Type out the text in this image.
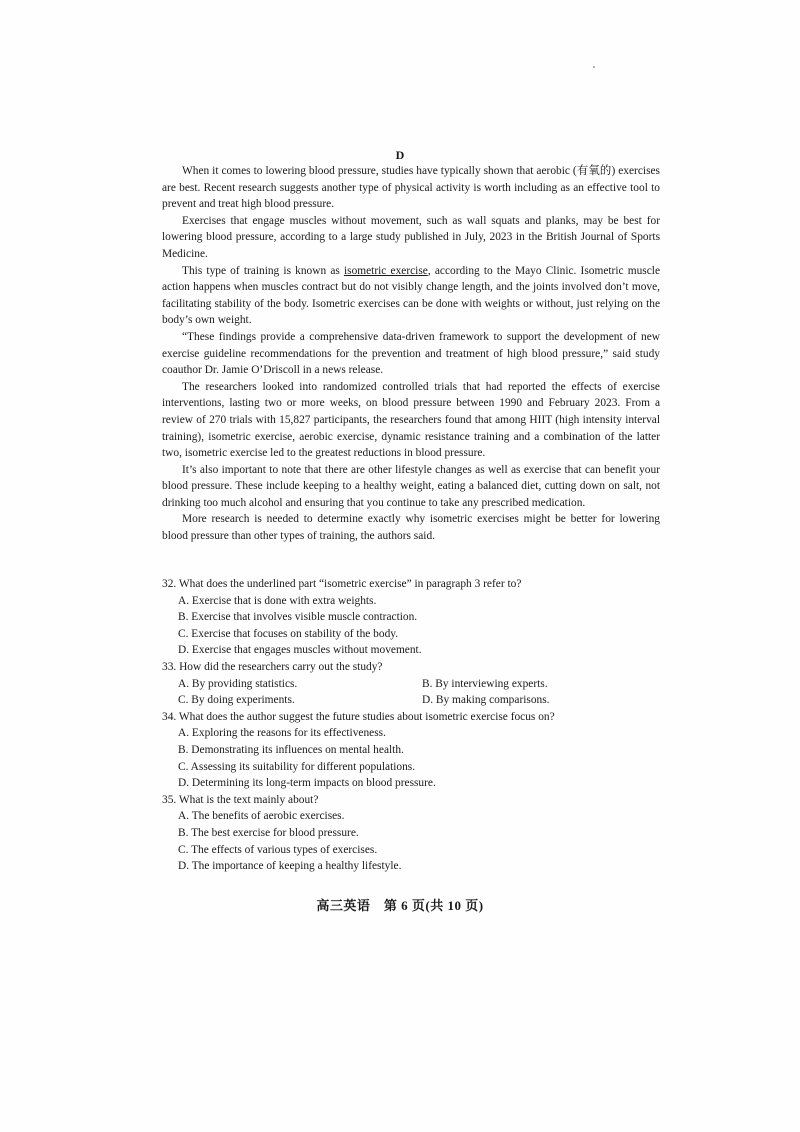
D

When it comes to lowering blood pressure, studies have typically shown that aerobic (有氧的) exercises are best. Recent research suggests another type of physical activity is worth including as an effective tool to prevent and treat high blood pressure.

Exercises that engage muscles without movement, such as wall squats and planks, may be best for lowering blood pressure, according to a large study published in July, 2023 in the British Journal of Sports Medicine.

This type of training is known as isometric exercise, according to the Mayo Clinic. Isometric muscle action happens when muscles contract but do not visibly change length, and the joints involved don’t move, facilitating stability of the body. Isometric exercises can be done with weights or without, just relying on the body’s own weight.

“These findings provide a comprehensive data-driven framework to support the development of new exercise guideline recommendations for the prevention and treatment of high blood pressure,” said study coauthor Dr. Jamie O’Driscoll in a news release.

The researchers looked into randomized controlled trials that had reported the effects of exercise interventions, lasting two or more weeks, on blood pressure between 1990 and February 2023. From a review of 270 trials with 15,827 participants, the researchers found that among HIIT (high intensity interval training), isometric exercise, aerobic exercise, dynamic resistance training and a combination of the latter two, isometric exercise led to the greatest reductions in blood pressure.

It’s also important to note that there are other lifestyle changes as well as exercise that can benefit your blood pressure. These include keeping to a healthy weight, eating a balanced diet, cutting down on salt, not drinking too much alcohol and ensuring that you continue to take any prescribed medication.

More research is needed to determine exactly why isometric exercises might be better for lowering blood pressure than other types of training, the authors said.

32. What does the underlined part “isometric exercise” in paragraph 3 refer to?
A. Exercise that is done with extra weights.
B. Exercise that involves visible muscle contraction.
C. Exercise that focuses on stability of the body.
D. Exercise that engages muscles without movement.
33. How did the researchers carry out the study?
A. By providing statistics.	B. By interviewing experts.
C. By doing experiments.	D. By making comparisons.
34. What does the author suggest the future studies about isometric exercise focus on?
A. Exploring the reasons for its effectiveness.
B. Demonstrating its influences on mental health.
C. Assessing its suitability for different populations.
D. Determining its long-term impacts on blood pressure.
35. What is the text mainly about?
A. The benefits of aerobic exercises.
B. The best exercise for blood pressure.
C. The effects of various types of exercises.
D. The importance of keeping a healthy lifestyle.
高三英语　第 6 页(共 10 页)
